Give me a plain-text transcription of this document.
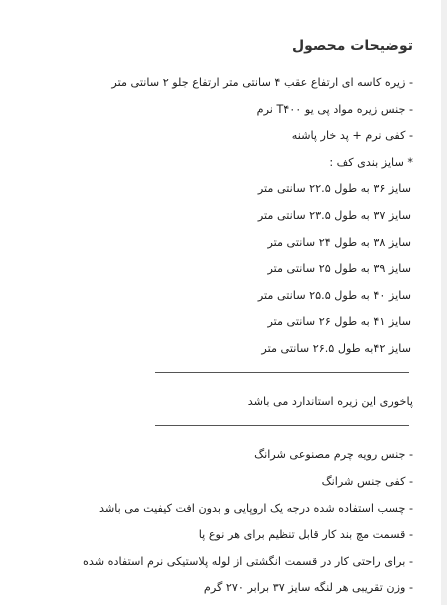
توضیحات محصول
- زیره کاسه ای ارتفاع عقب ۴ سانتی متر ارتفاع جلو ۲ سانتی متر
- جنس زیره مواد پی یو T۴۰۰ نرم
- کفی نرم + پد خار پاشنه
* سایز بندی کف :
سایز ۳۶ به طول ۲۲.۵ سانتی متر
سایز ۳۷ به طول ۲۳.۵ سانتی متر
سایز ۳۸ به طول ۲۴ سانتی متر
سایز ۳۹ به طول ۲۵ سانتی متر
سایز ۴۰ به طول ۲۵.۵ سانتی متر
سایز ۴۱ به طول ۲۶ سانتی متر
سایز ۴۲به طول ۲۶.۵ سانتی متر
پاخوری این زیره استاندارد می باشد
- جنس رویه چرم مصنوعی شرانگ
- کفی جنس شرانگ
- چسب استفاده شده درجه یک اروپایی و بدون افت کیفیت می باشد
- قسمت مچ بند کار قابل تنظیم برای هر نوع پا
- برای راحتی کار در قسمت انگشتی از لوله پلاستیکی نرم استفاده شده
- وزن تقریبی هر لنگه سایز ۳۷ برابر ۲۷۰ گرم
